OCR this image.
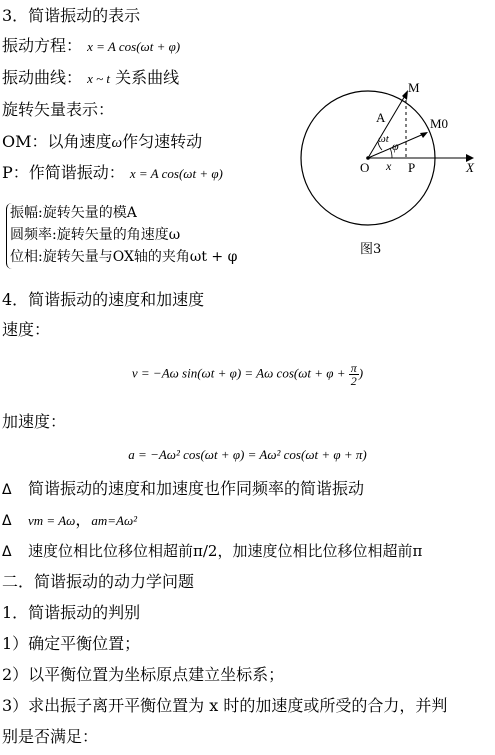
3．简谐振动的表示
振动方程： x = A cos(ωt + φ)
振动曲线： x ~ t 关系曲线
旋转矢量表示：
OM：以角速度ω作匀速转动
P：作简谐振动： x = A cos(ωt + φ)
振幅:旋转矢量的模A
圆频率:旋转矢量的角速度ω
位相:旋转矢量与OX轴的夹角ωt + φ
M
M0
A
ωt φ
O x P	X
图3
4．简谐振动的速度和加速度
速度：
v = −Aω sin(ωt + φ) = Aω $\cos(\omega t + \varphi + \frac{\pi}{2}$ )
加速度：
a = −Aω² cos(ωt + φ) = Aω² cos(ωt + φ + π)
Δ 简谐振动的速度和加速度也作同频率的简谐振动
Δ vm = Aω，am=Aω²
Δ 速度位相比位移位相超前π/2，加速度位相比位移位相超前π
二．简谐振动的动力学问题
1．简谐振动的判别
1）确定平衡位置；
2）以平衡位置为坐标原点建立坐标系；
3）求出振子离开平衡位置为 x 时的加速度或所受的合力，并判
别是否满足：
